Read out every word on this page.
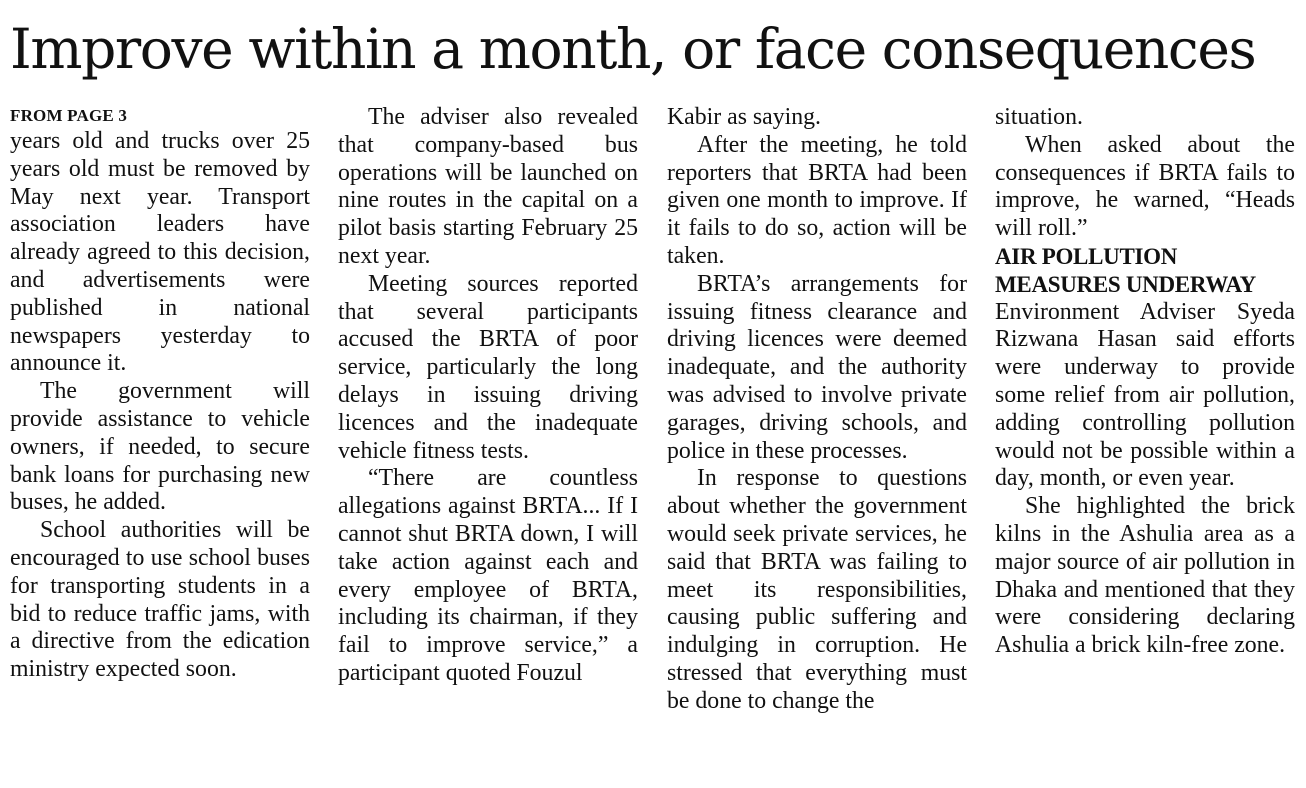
Improve within a month, or face consequences
FROM PAGE 3

years old and trucks over 25 years old must be removed by May next year. Transport association leaders have already agreed to this decision, and advertisements were published in national newspapers yesterday to announce it.

The government will provide assistance to vehicle owners, if needed, to secure bank loans for purchasing new buses, he added.

School authorities will be encouraged to use school buses for transporting students in a bid to reduce traffic jams, with a directive from the edication ministry expected soon.

The adviser also revealed that company-based bus operations will be launched on nine routes in the capital on a pilot basis starting February 25 next year.

Meeting sources reported that several participants accused the BRTA of poor service, particularly the long delays in issuing driving licences and the inadequate vehicle fitness tests.

“There are countless allegations against BRTA... If I cannot shut BRTA down, I will take action against each and every employee of BRTA, including its chairman, if they fail to improve service,” a participant quoted Fouzul

Kabir as saying.

After the meeting, he told reporters that BRTA had been given one month to improve. If it fails to do so, action will be taken.

BRTA’s arrangements for issuing fitness clearance and driving licences were deemed inadequate, and the authority was advised to involve private garages, driving schools, and police in these processes.

In response to questions about whether the government would seek private services, he said that BRTA was failing to meet its responsibilities, causing public suffering and indulging in corruption. He stressed that everything must be done to change the

situation.

When asked about the consequences if BRTA fails to improve, he warned, “Heads will roll.”

AIR POLLUTION MEASURES UNDERWAY

Environment Adviser Syeda Rizwana Hasan said efforts were underway to provide some relief from air pollution, adding controlling pollution would not be possible within a day, month, or even year.

She highlighted the brick kilns in the Ashulia area as a major source of air pollution in Dhaka and mentioned that they were considering declaring Ashulia a brick kiln-free zone.
